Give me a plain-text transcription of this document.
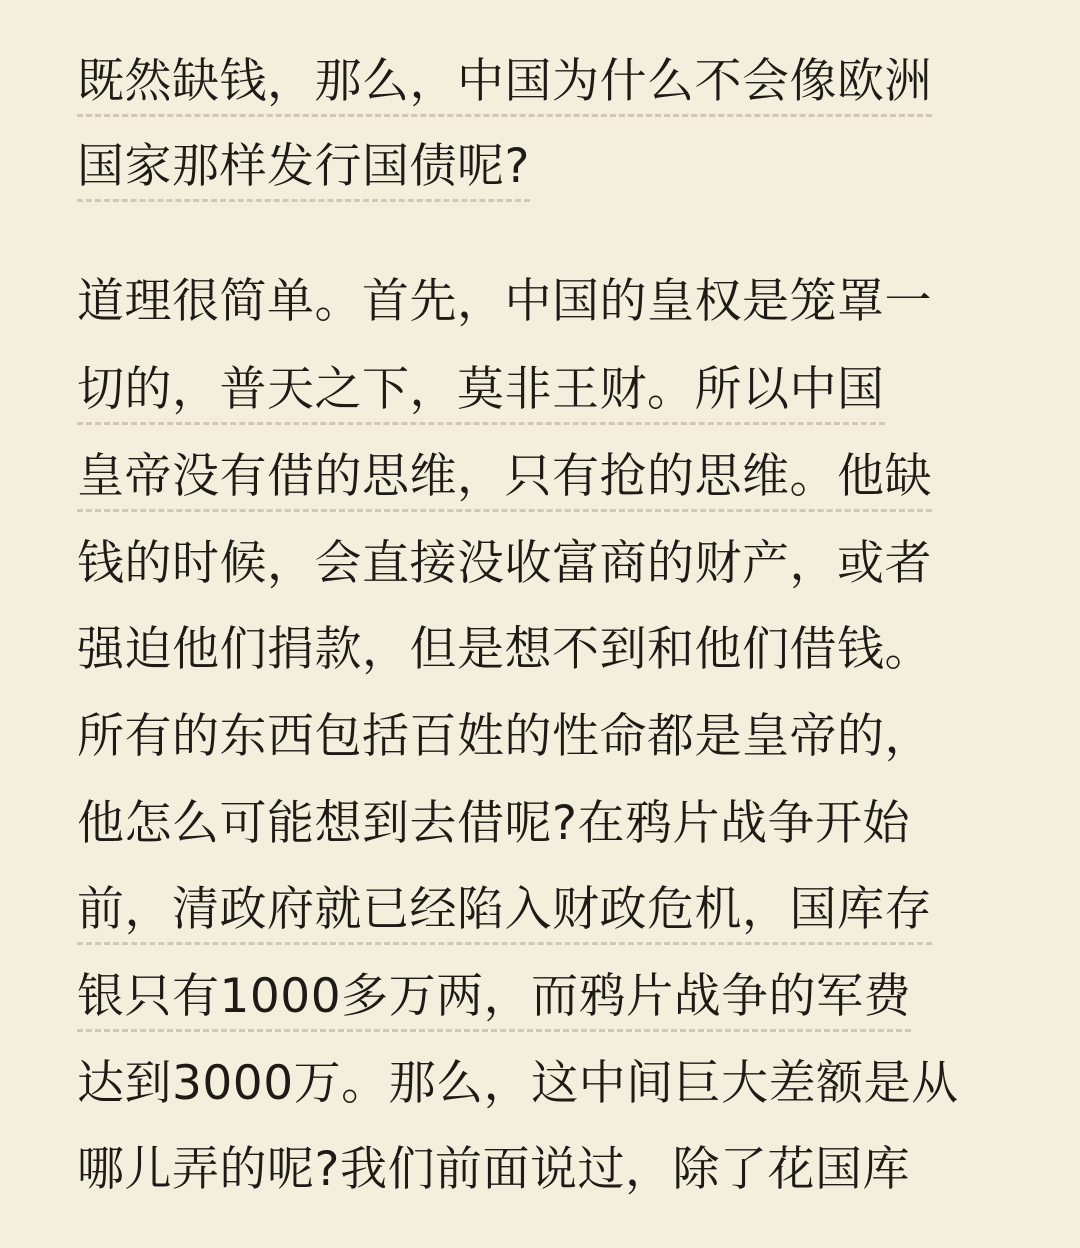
既然缺钱，那么，中国为什么不会像欧洲
国家那样发行国债呢?
道理很简单。首先，中国的皇权是笼罩一
切的，普天之下，莫非王财。所以中国
皇帝没有借的思维，只有抢的思维。他缺
钱的时候，会直接没收富商的财产，或者
强迫他们捐款，但是想不到和他们借钱。
所有的东西包括百姓的性命都是皇帝的，
他怎么可能想到去借呢?在鸦片战争开始
前，清政府就已经陷入财政危机，国库存
银只有1000多万两，而鸦片战争的军费
达到3000万。那么，这中间巨大差额是从
哪儿弄的呢?我们前面说过，除了花国库
